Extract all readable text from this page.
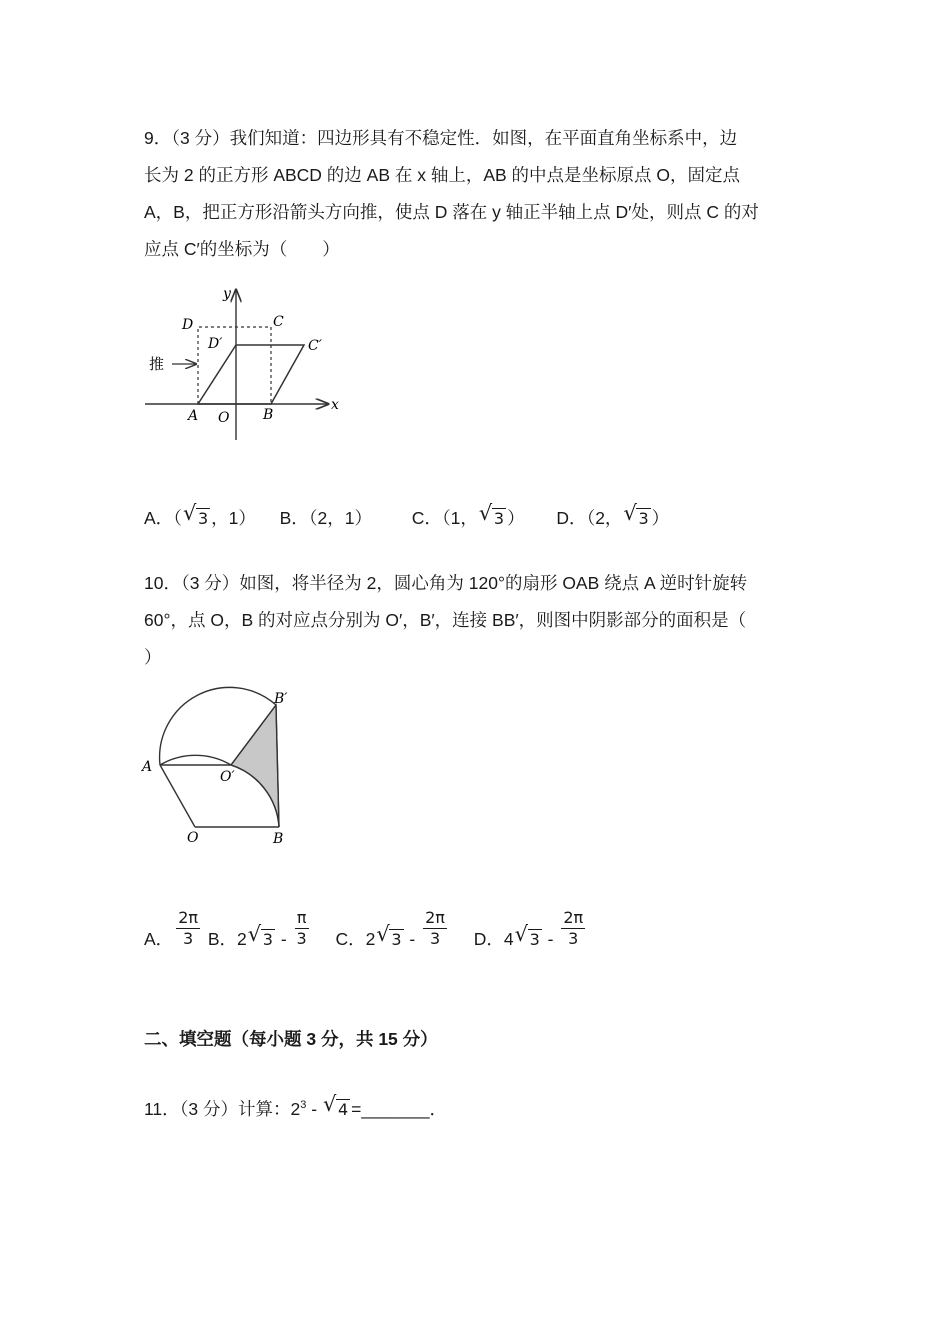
9．（3 分）我们知道：四边形具有不稳定性．如图，在平面直角坐标系中，边
长为 2 的正方形 ABCD 的边 AB 在 x 轴上，AB 的中点是坐标原点 O，固定点
A，B，把正方形沿箭头方向推，使点 D 落在 y 轴正半轴上点 D′处，则点 C 的对
应点 C′的坐标为（　　）
y
x
D	C
D′	C′
推
A O B
A．（ √ 3 ，1） B．（2，1） C．（1， √ 3 ） D．（2， √ 3 ）
10．（3 分）如图，将半径为 2，圆心角为 120°的扇形 OAB 绕点 A 逆时针旋转
60°，点 O，B 的对应点分别为 O′，B′，连接 BB′，则图中阴影部分的面积是（
）
B′
A
O′
O	B
A． $\frac{2\pi}{3}$ B．2 √ $3 - \frac{\pi}{3}$ C．2 √ $3 - \frac{2\pi}{3}$ D．4 √ $3 - \frac{2\pi}{3}$
二、填空题（每小题 3 分，共 15 分）
11．（3 分）计算：$2^3$ - √ 4 =_______．
